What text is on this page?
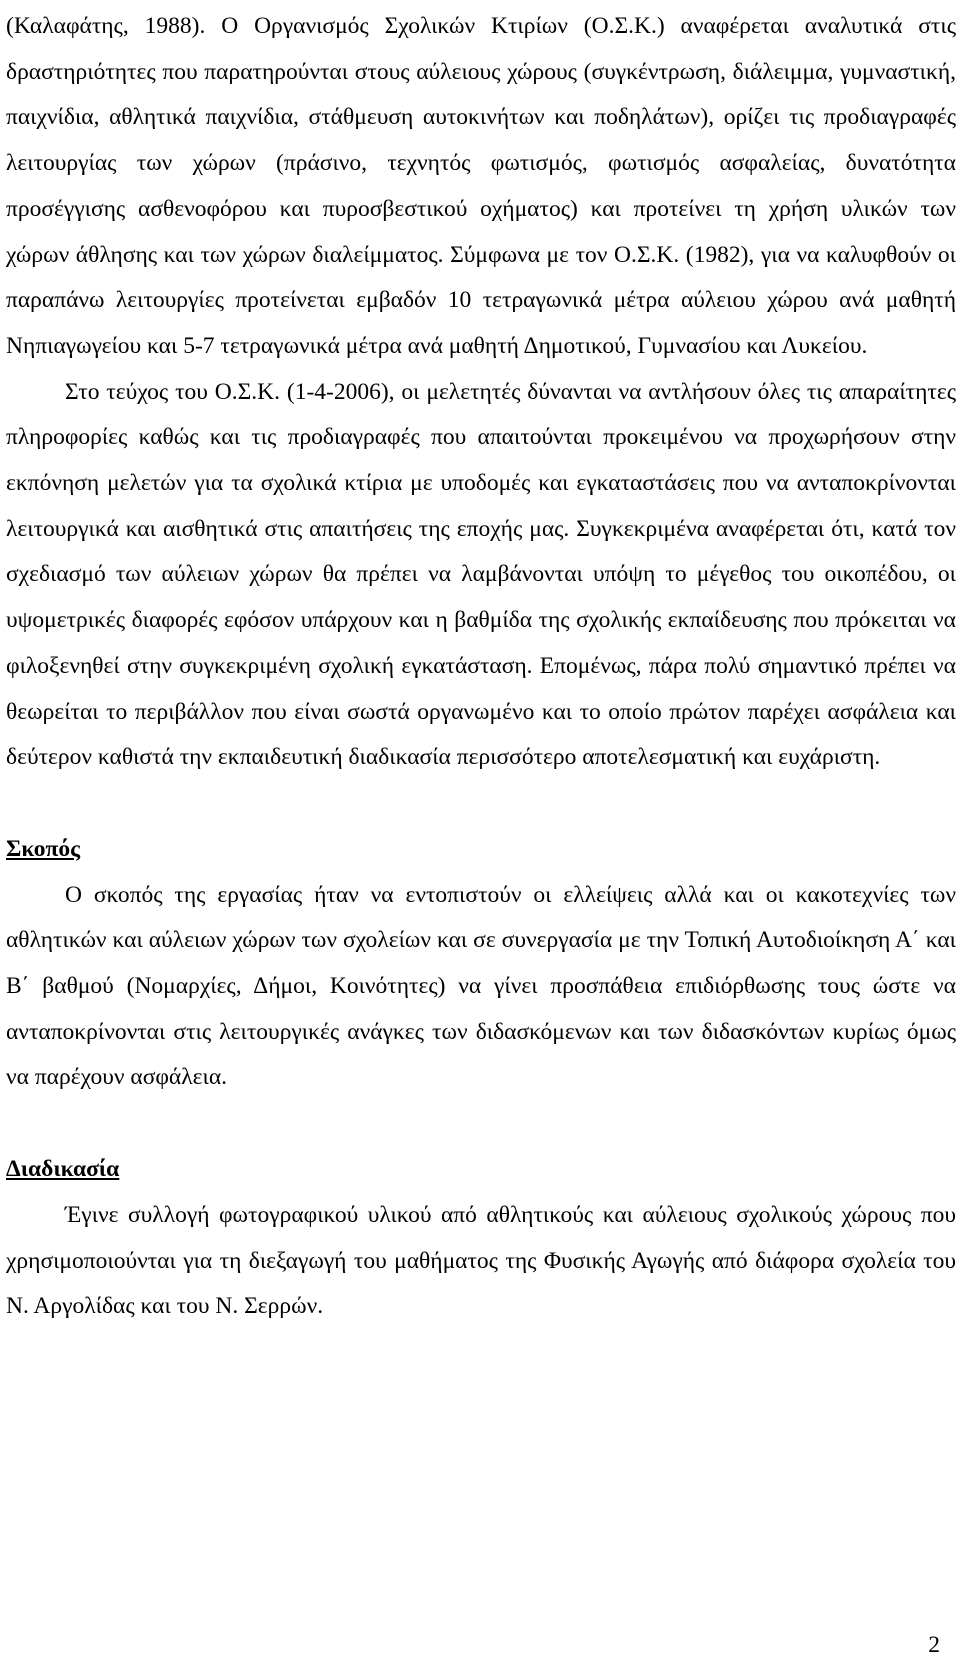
(Καλαφάτης, 1988). Ο Οργανισμός Σχολικών Κτιρίων (Ο.Σ.Κ.) αναφέρεται αναλυτικά στις δραστηριότητες που παρατηρούνται στους αύλειους χώρους (συγκέντρωση, διάλειμμα, γυμναστική, παιχνίδια, αθλητικά παιχνίδια, στάθμευση αυτοκινήτων και ποδηλάτων), ορίζει τις προδιαγραφές λειτουργίας των χώρων (πράσινο, τεχνητός φωτισμός, φωτισμός ασφαλείας, δυνατότητα προσέγγισης ασθενοφόρου και πυροσβεστικού οχήματος) και προτείνει τη χρήση υλικών των χώρων άθλησης και των χώρων διαλείμματος. Σύμφωνα με τον Ο.Σ.Κ. (1982), για να καλυφθούν οι παραπάνω λειτουργίες προτείνεται εμβαδόν 10 τετραγωνικά μέτρα αύλειου χώρου ανά μαθητή Νηπιαγωγείου και 5-7 τετραγωνικά μέτρα ανά μαθητή Δημοτικού, Γυμνασίου και Λυκείου.

Στο τεύχος του Ο.Σ.Κ. (1-4-2006), οι μελετητές δύνανται να αντλήσουν όλες τις απαραίτητες πληροφορίες καθώς και τις προδιαγραφές που απαιτούνται προκειμένου να προχωρήσουν στην εκπόνηση μελετών για τα σχολικά κτίρια με υποδομές και εγκαταστάσεις που να ανταποκρίνονται λειτουργικά και αισθητικά στις απαιτήσεις της εποχής μας. Συγκεκριμένα αναφέρεται ότι, κατά τον σχεδιασμό των αύλειων χώρων θα πρέπει να λαμβάνονται υπόψη το μέγεθος του οικοπέδου, οι υψομετρικές διαφορές εφόσον υπάρχουν και η βαθμίδα της σχολικής εκπαίδευσης που πρόκειται να φιλοξενηθεί στην συγκεκριμένη σχολική εγκατάσταση. Επομένως, πάρα πολύ σημαντικό πρέπει να θεωρείται το περιβάλλον που είναι σωστά οργανωμένο και το οποίο πρώτον παρέχει ασφάλεια και δεύτερον καθιστά την εκπαιδευτική διαδικασία περισσότερο αποτελεσματική και ευχάριστη.

Σκοπός

Ο σκοπός της εργασίας ήταν να εντοπιστούν οι ελλείψεις αλλά και οι κακοτεχνίες των αθλητικών και αύλειων χώρων των σχολείων και σε συνεργασία με την Τοπική Αυτοδιοίκηση Α΄ και Β΄ βαθμού (Νομαρχίες, Δήμοι, Κοινότητες) να γίνει προσπάθεια επιδιόρθωσης τους ώστε να ανταποκρίνονται στις λειτουργικές ανάγκες των διδασκόμενων και των διδασκόντων κυρίως όμως να παρέχουν ασφάλεια.

Διαδικασία

Έγινε συλλογή φωτογραφικού υλικού από αθλητικούς και αύλειους σχολικούς χώρους που χρησιμοποιούνται για τη διεξαγωγή του μαθήματος της Φυσικής Αγωγής από διάφορα σχολεία του Ν. Αργολίδας και του Ν. Σερρών.

2
